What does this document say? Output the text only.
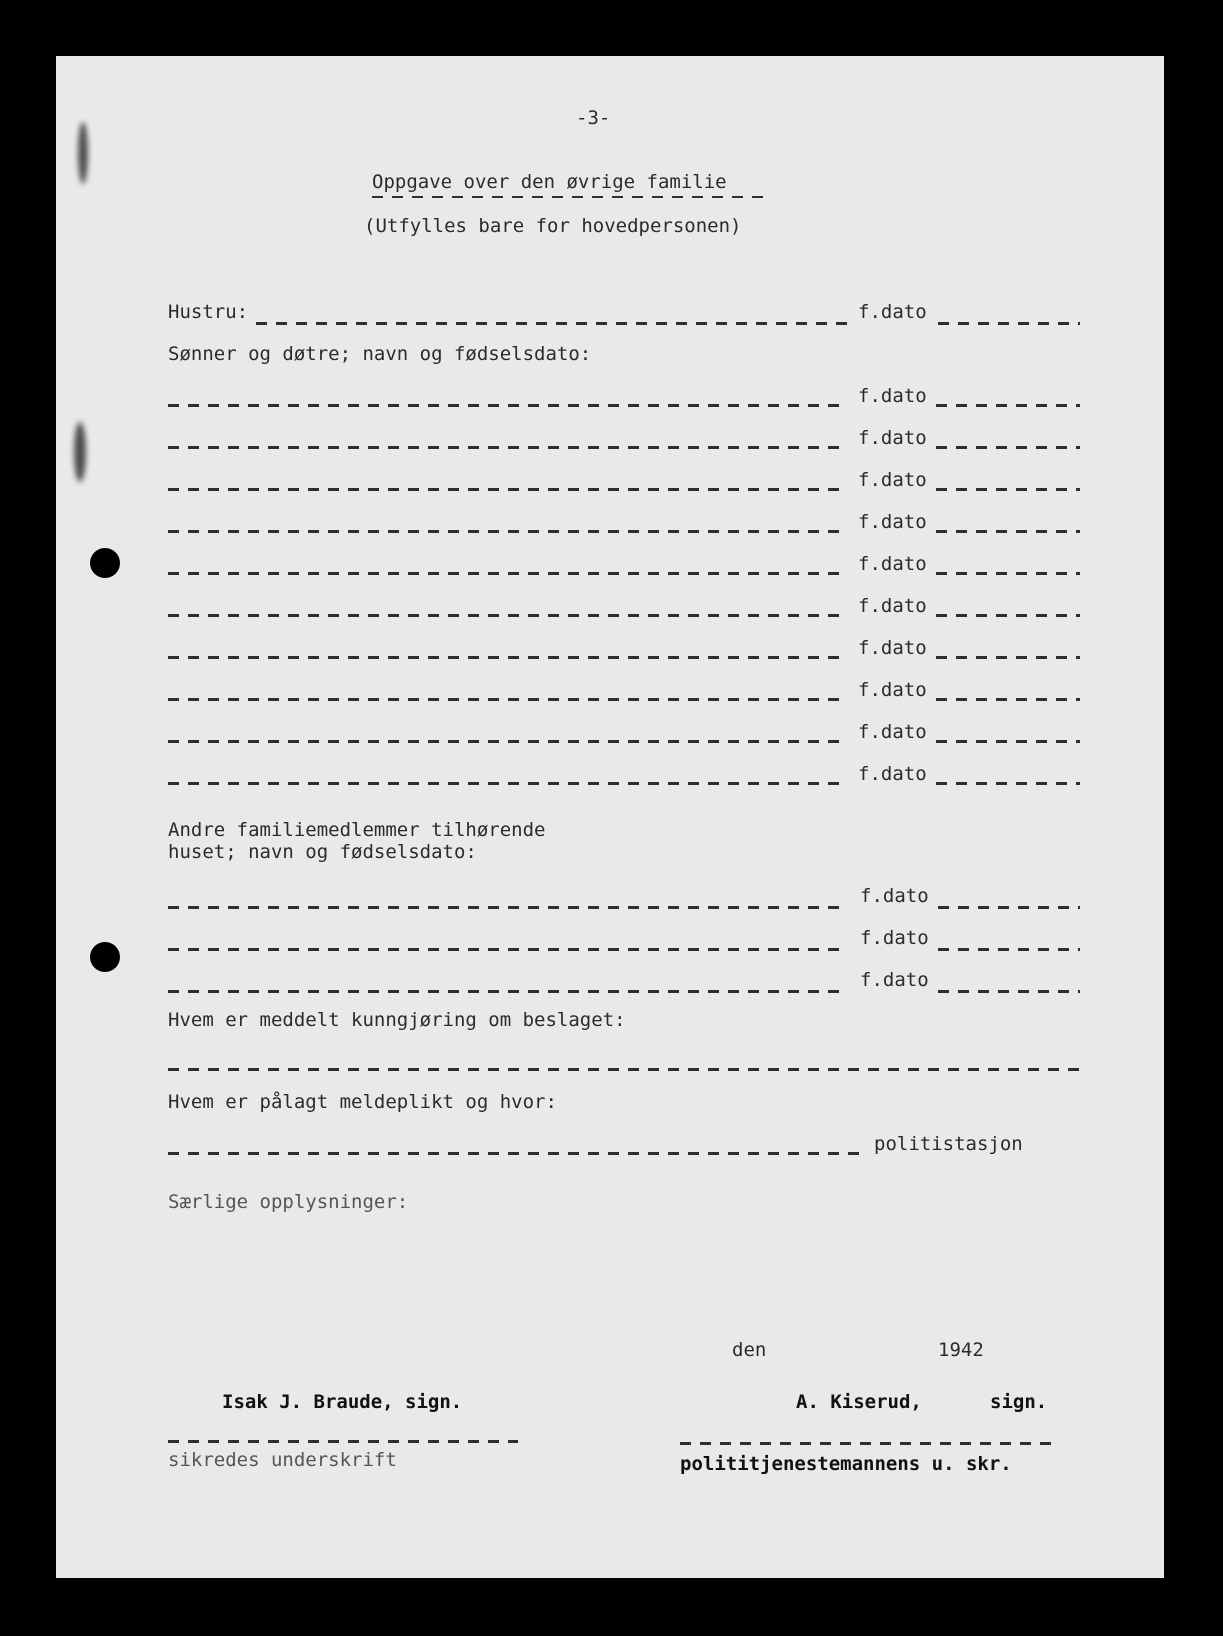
-3-
Oppgave over den øvrige familie
(Utfylles bare for hovedpersonen)
Hustru:	f.dato
Sønner og døtre; navn og fødselsdato:
f.dato
f.dato
f.dato
f.dato
f.dato
f.dato
f.dato
f.dato
f.dato
f.dato
Andre familiemedlemmer tilhørende
huset; navn og fødselsdato:
f.dato
f.dato
f.dato
Hvem er meddelt kunngjøring om beslaget:
Hvem er pålagt meldeplikt og hvor:
politistasjon
Særlige opplysninger:
den	1942
Isak J. Braude, sign.
sikredes underskrift
A. Kiserud,	sign.
polititjenestemannens u. skr.
